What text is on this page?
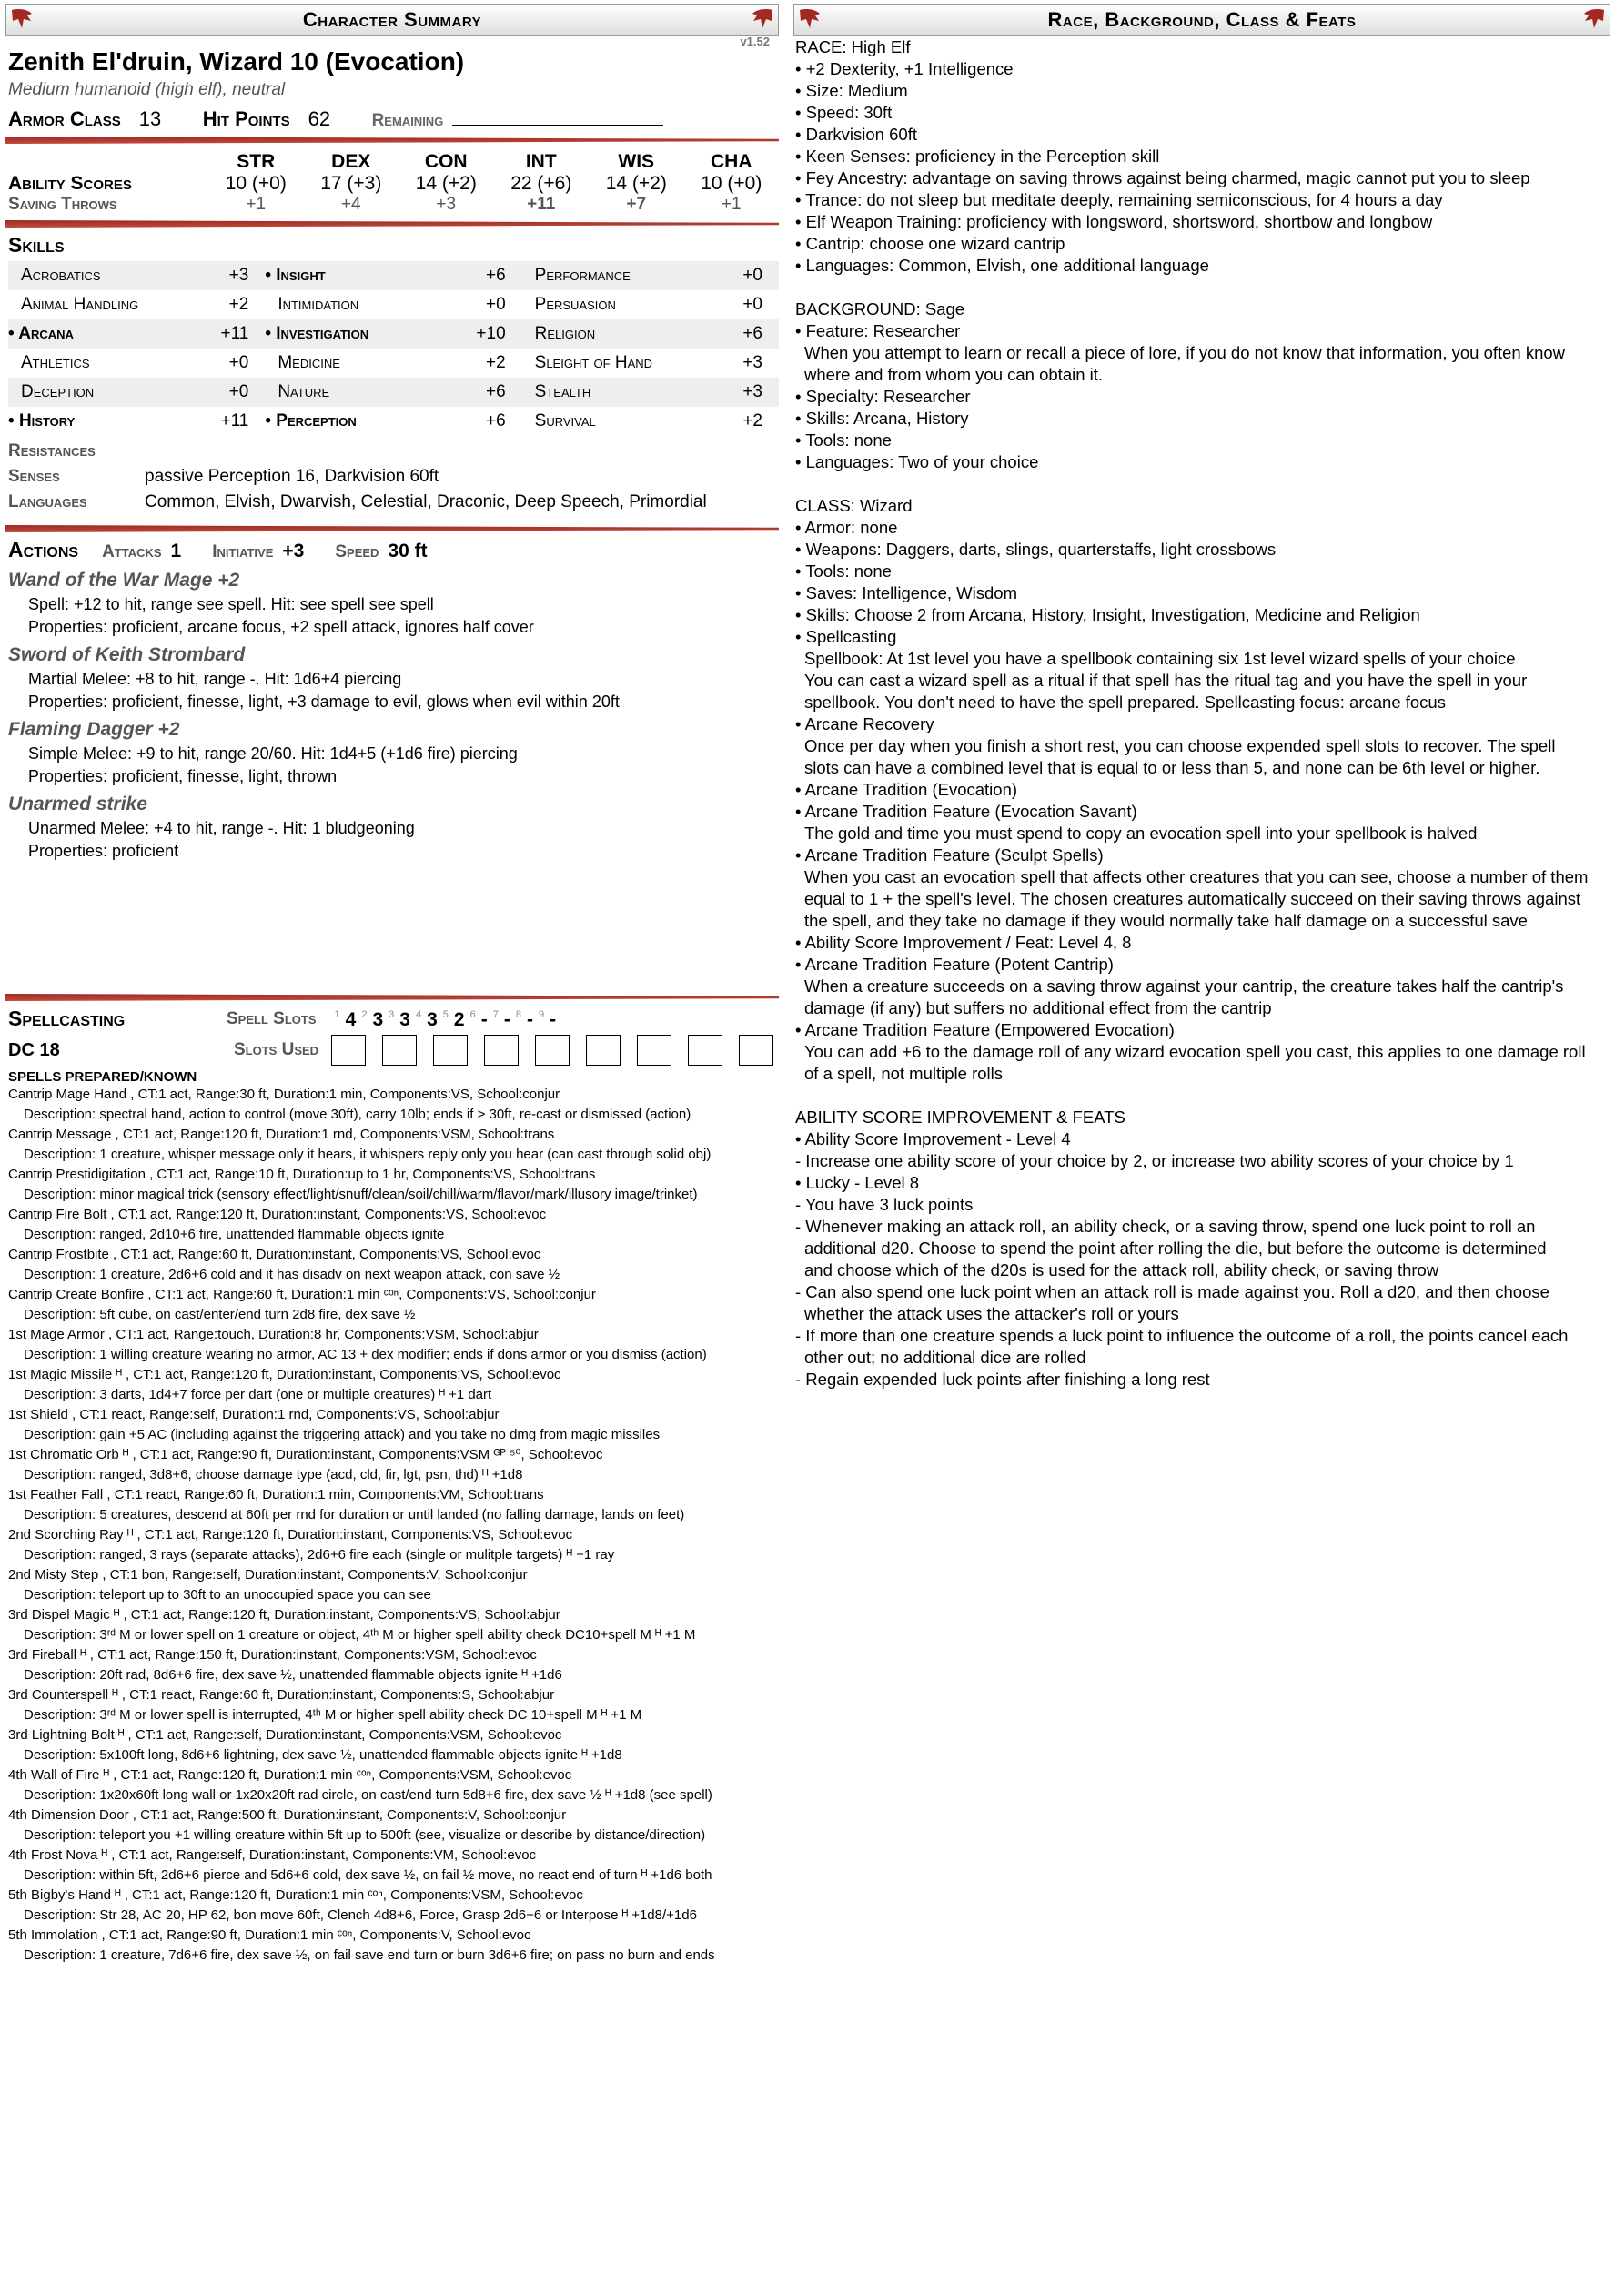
Character Summary
v1.52
Zenith El'druin, Wizard 10 (Evocation)
Medium humanoid (high elf), neutral
Armor Class 13	Hit Points 62	Remaining
STR	DEX	CON	INT	WIS	CHA
Ability Scores	10 (+0)	17 (+3)	14 (+2)	22 (+6)	14 (+2)	10 (+0)
Saving Throws	+1	+4	+3	+11	+7	+1
Skills
Acrobatics	+3	• Insight	+6	Performance	+0
Animal Handling	+2	Intimidation	+0	Persuasion	+0
• Arcana	+11	• Investigation	+10	Religion	+6
Athletics	+0	Medicine	+2	Sleight of Hand	+3
Deception	+0	Nature	+6	Stealth	+3
• History	+11	• Perception	+6	Survival	+2
Resistances
Senses	passive Perception 16, Darkvision 60ft
Languages	Common, Elvish, Dwarvish, Celestial, Draconic, Deep Speech, Primordial
Actions Attacks 1 Initiative +3 Speed 30 ft
Wand of the War Mage +2
Spell: +12 to hit, range see spell. Hit: see spell see spell
Properties: proficient, arcane focus, +2 spell attack, ignores half cover
Sword of Keith Strombard
Martial Melee: +8 to hit, range -. Hit: 1d6+4 piercing
Properties: proficient, finesse, light, +3 damage to evil, glows when evil within 20ft
Flaming Dagger +2
Simple Melee: +9 to hit, range 20/60. Hit: 1d4+5 (+1d6 fire) piercing
Properties: proficient, finesse, light, thrown
Unarmed strike
Unarmed Melee: +4 to hit, range -. Hit: 1 bludgeoning
Properties: proficient
Spellcasting	Spell Slots $^1$ 4 $^2$ 3 $^3$ 3 $^4$ 3 $^5$ 2 $^6$ - $^7$ - $^8$ - $^9$ -
DC 18	Slots Used
SPELLS PREPARED/KNOWN
Cantrip Mage Hand , CT:1 act, Range:30 ft, Duration:1 min, Components:VS, School:conjur
Description: spectral hand, action to control (move 30ft), carry 10lb; ends if > 30ft, re-cast or dismissed (action)
Cantrip Message , CT:1 act, Range:120 ft, Duration:1 rnd, Components:VSM, School:trans
Description: 1 creature, whisper message only it hears, it whispers reply only you hear (can cast through solid obj)
Cantrip Prestidigitation , CT:1 act, Range:10 ft, Duration:up to 1 hr, Components:VS, School:trans
Description: minor magical trick (sensory effect/light/snuff/clean/soil/chill/warm/flavor/mark/illusory image/trinket)
Cantrip Fire Bolt , CT:1 act, Range:120 ft, Duration:instant, Components:VS, School:evoc
Description: ranged, 2d10+6 fire, unattended flammable objects ignite
Cantrip Frostbite , CT:1 act, Range:60 ft, Duration:instant, Components:VS, School:evoc
Description: 1 creature, 2d6+6 cold and it has disadv on next weapon attack, con save ½
Cantrip Create Bonfire , CT:1 act, Range:60 ft, Duration:1 min ᶜᵒⁿ, Components:VS, School:conjur
Description: 5ft cube, on cast/enter/end turn 2d8 fire, dex save ½
1st Mage Armor , CT:1 act, Range:touch, Duration:8 hr, Components:VSM, School:abjur
Description: 1 willing creature wearing no armor, AC 13 + dex modifier; ends if dons armor or you dismiss (action)
1st Magic Missile ᴴ , CT:1 act, Range:120 ft, Duration:instant, Components:VS, School:evoc
Description: 3 darts, 1d4+7 force per dart (one or multiple creatures) ᴴ +1 dart
1st Shield , CT:1 react, Range:self, Duration:1 rnd, Components:VS, School:abjur
Description: gain +5 AC (including against the triggering attack) and you take no dmg from magic missiles
1st Chromatic Orb ᴴ , CT:1 act, Range:90 ft, Duration:instant, Components:VSM ᴳᴾ ⁵⁰, School:evoc
Description: ranged, 3d8+6, choose damage type (acd, cld, fir, lgt, psn, thd) ᴴ +1d8
1st Feather Fall , CT:1 react, Range:60 ft, Duration:1 min, Components:VM, School:trans
Description: 5 creatures, descend at 60ft per rnd for duration or until landed (no falling damage, lands on feet)
2nd Scorching Ray ᴴ , CT:1 act, Range:120 ft, Duration:instant, Components:VS, School:evoc
Description: ranged, 3 rays (separate attacks), 2d6+6 fire each (single or mulitple targets) ᴴ +1 ray
2nd Misty Step , CT:1 bon, Range:self, Duration:instant, Components:V, School:conjur
Description: teleport up to 30ft to an unoccupied space you can see
3rd Dispel Magic ᴴ , CT:1 act, Range:120 ft, Duration:instant, Components:VS, School:abjur
Description: 3ʳᵈ M or lower spell on 1 creature or object, 4ᵗʰ M or higher spell ability check DC10+spell M ᴴ +1 M
3rd Fireball ᴴ , CT:1 act, Range:150 ft, Duration:instant, Components:VSM, School:evoc
Description: 20ft rad, 8d6+6 fire, dex save ½, unattended flammable objects ignite ᴴ +1d6
3rd Counterspell ᴴ , CT:1 react, Range:60 ft, Duration:instant, Components:S, School:abjur
Description: 3ʳᵈ M or lower spell is interrupted, 4ᵗʰ M or higher spell ability check DC 10+spell M ᴴ +1 M
3rd Lightning Bolt ᴴ , CT:1 act, Range:self, Duration:instant, Components:VSM, School:evoc
Description: 5x100ft long, 8d6+6 lightning, dex save ½, unattended flammable objects ignite ᴴ +1d8
4th Wall of Fire ᴴ , CT:1 act, Range:120 ft, Duration:1 min ᶜᵒⁿ, Components:VSM, School:evoc
Description: 1x20x60ft long wall or 1x20x20ft rad circle, on cast/end turn 5d8+6 fire, dex save ½ ᴴ +1d8 (see spell)
4th Dimension Door , CT:1 act, Range:500 ft, Duration:instant, Components:V, School:conjur
Description: teleport you +1 willing creature within 5ft up to 500ft (see, visualize or describe by distance/direction)
4th Frost Nova ᴴ , CT:1 act, Range:self, Duration:instant, Components:VM, School:evoc
Description: within 5ft, 2d6+6 pierce and 5d6+6 cold, dex save ½, on fail ½ move, no react end of turn ᴴ +1d6 both
5th Bigby's Hand ᴴ , CT:1 act, Range:120 ft, Duration:1 min ᶜᵒⁿ, Components:VSM, School:evoc
Description: Str 28, AC 20, HP 62, bon move 60ft, Clench 4d8+6, Force, Grasp 2d6+6 or Interpose ᴴ +1d8/+1d6
5th Immolation , CT:1 act, Range:90 ft, Duration:1 min ᶜᵒⁿ, Components:V, School:evoc
Description: 1 creature, 7d6+6 fire, dex save ½, on fail save end turn or burn 3d6+6 fire; on pass no burn and ends
Race, Background, Class & Feats
RACE: High Elf
• +2 Dexterity, +1 Intelligence
• Size: Medium
• Speed: 30ft
• Darkvision 60ft
• Keen Senses: proficiency in the Perception skill
• Fey Ancestry: advantage on saving throws against being charmed, magic cannot put you to sleep
• Trance: do not sleep but meditate deeply, remaining semiconscious, for 4 hours a day
• Elf Weapon Training: proficiency with longsword, shortsword, shortbow and longbow
• Cantrip: choose one wizard cantrip
• Languages: Common, Elvish, one additional language
BACKGROUND: Sage
• Feature: Researcher
When you attempt to learn or recall a piece of lore, if you do not know that information, you often know
where and from whom you can obtain it.
• Specialty: Researcher
• Skills: Arcana, History
• Tools: none
• Languages: Two of your choice
CLASS: Wizard
• Armor: none
• Weapons: Daggers, darts, slings, quarterstaffs, light crossbows
• Tools: none
• Saves: Intelligence, Wisdom
• Skills: Choose 2 from Arcana, History, Insight, Investigation, Medicine and Religion
• Spellcasting
Spellbook: At 1st level you have a spellbook containing six 1st level wizard spells of your choice
You can cast a wizard spell as a ritual if that spell has the ritual tag and you have the spell in your
spellbook. You don't need to have the spell prepared. Spellcasting focus: arcane focus
• Arcane Recovery
Once per day when you finish a short rest, you can choose expended spell slots to recover. The spell
slots can have a combined level that is equal to or less than 5, and none can be 6th level or higher.
• Arcane Tradition (Evocation)
• Arcane Tradition Feature (Evocation Savant)
The gold and time you must spend to copy an evocation spell into your spellbook is halved
• Arcane Tradition Feature (Sculpt Spells)
When you cast an evocation spell that affects other creatures that you can see, choose a number of them
equal to 1 + the spell's level. The chosen creatures automatically succeed on their saving throws against
the spell, and they take no damage if they would normally take half damage on a successful save
• Ability Score Improvement / Feat: Level 4, 8
• Arcane Tradition Feature (Potent Cantrip)
When a creature succeeds on a saving throw against your cantrip, the creature takes half the cantrip's
damage (if any) but suffers no additional effect from the cantrip
• Arcane Tradition Feature (Empowered Evocation)
You can add +6 to the damage roll of any wizard evocation spell you cast, this applies to one damage roll
of a spell, not multiple rolls
ABILITY SCORE IMPROVEMENT & FEATS
• Ability Score Improvement - Level 4
- Increase one ability score of your choice by 2, or increase two ability scores of your choice by 1
• Lucky - Level 8
- You have 3 luck points
- Whenever making an attack roll, an ability check, or a saving throw, spend one luck point to roll an
additional d20. Choose to spend the point after rolling the die, but before the outcome is determined
and choose which of the d20s is used for the attack roll, ability check, or saving throw
- Can also spend one luck point when an attack roll is made against you. Roll a d20, and then choose
whether the attack uses the attacker's roll or yours
- If more than one creature spends a luck point to influence the outcome of a roll, the points cancel each
other out; no additional dice are rolled
- Regain expended luck points after finishing a long rest
